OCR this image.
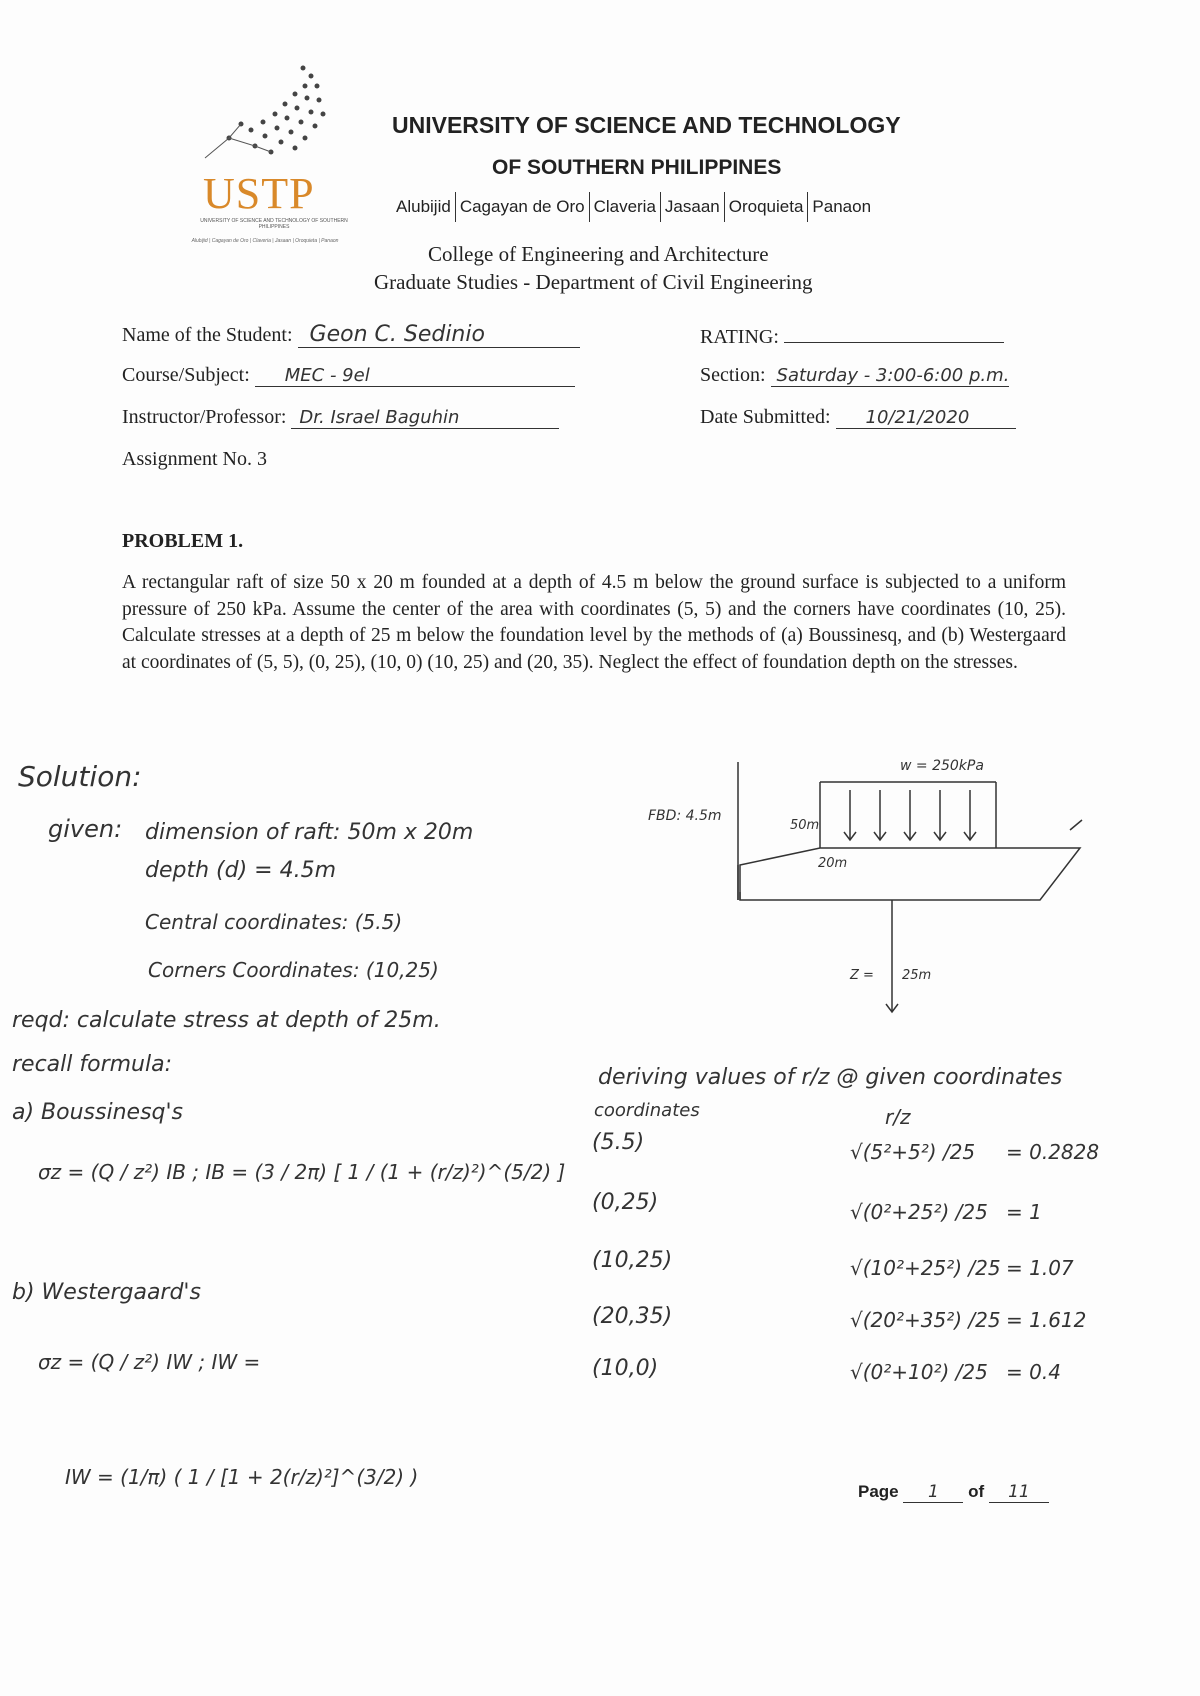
USTP
UNIVERSITY OF SCIENCE AND TECHNOLOGY OF SOUTHERN PHILIPPINES
Alubijid | Cagayan de Oro | Claveria | Jasaan | Oroquieta | Panaon
UNIVERSITY OF SCIENCE AND TECHNOLOGY
OF SOUTHERN PHILIPPINES
Alubijid Cagayan de Oro Claveria Jasaan Oroquieta Panaon
College of Engineering and Architecture
Graduate Studies - Department of Civil Engineering
Name of the Student: Geon C. Sedinio
Course/Subject: MEC - 9el
Instructor/Professor: Dr. Israel Baguhin
Assignment No. 3
RATING:
Section: Saturday - 3:00-6:00 p.m.
Date Submitted: 10/21/2020
PROBLEM 1.
A rectangular raft of size 50 x 20 m founded at a depth of 4.5 m below the ground surface is subjected to a uniform pressure of 250 kPa. Assume the center of the area with coordinates (5, 5) and the corners have coordinates (10, 25). Calculate stresses at a depth of 25 m below the foundation level by the methods of (a) Boussinesq, and (b) Westergaard at coordinates of (5, 5), (0, 25), (10, 0) (10, 25) and (20, 35). Neglect the effect of foundation depth on the stresses.
Solution:
given: dimension of raft: 50m x 20m
depth (d) = 4.5m
Central coordinates: (5.5)
Corners Coordinates: (10,25)
reqd: calculate stress at depth of 25m.
recall formula:
a) Boussinesq's
σz = (Q / z²) IB ; IB = (3 / 2π) [ 1 / (1 + (r/z)²)^(5/2) ]
b) Westergaard's
σz = (Q / z²) IW ; IW =
IW = (1/π) ( 1 / [1 + 2(r/z)²]^(3/2) )
FBD: 4.5m
w = 250kPa
50m
20m
Z = 25m
deriving values of r/z @ given coordinates
coordinates	r/z
(5.5)	√(5²+5²) /25 = 0.2828
(0,25)	√(0²+25²) /25 = 1
(10,25)	√(10²+25²) /25 = 1.07
(20,35)	√(20²+35²) /25 = 1.612
(10,0)	√(0²+10²) /25 = 0.4
Page 1 of 11
